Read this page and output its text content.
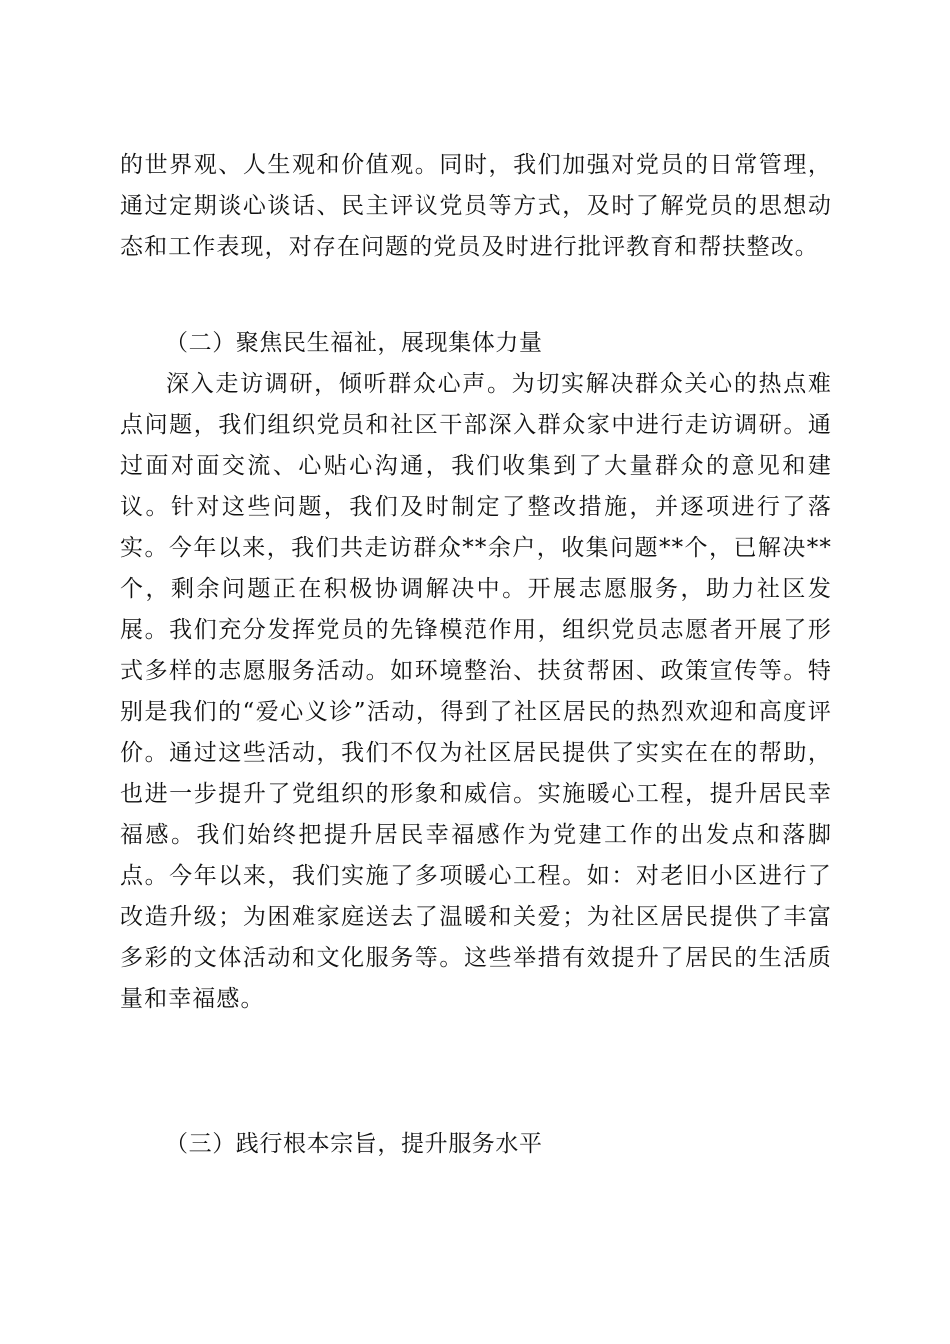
的世界观、人生观和价值观。同时，我们加强对党员的日常管理，通过定期谈心谈话、民主评议党员等方式，及时了解党员的思想动态和工作表现，对存在问题的党员及时进行批评教育和帮扶整改。
（二）聚焦民生福祉，展现集体力量
深入走访调研，倾听群众心声。为切实解决群众关心的热点难点问题，我们组织党员和社区干部深入群众家中进行走访调研。通过面对面交流、心贴心沟通，我们收集到了大量群众的意见和建议。针对这些问题，我们及时制定了整改措施，并逐项进行了落实。今年以来，我们共走访群众**余户，收集问题**个，已解决**个，剩余问题正在积极协调解决中。开展志愿服务，助力社区发展。我们充分发挥党员的先锋模范作用，组织党员志愿者开展了形式多样的志愿服务活动。如环境整治、扶贫帮困、政策宣传等。特别是我们的“爱心义诊”活动，得到了社区居民的热烈欢迎和高度评价。通过这些活动，我们不仅为社区居民提供了实实在在的帮助，也进一步提升了党组织的形象和威信。实施暖心工程，提升居民幸福感。我们始终把提升居民幸福感作为党建工作的出发点和落脚点。今年以来，我们实施了多项暖心工程。如：对老旧小区进行了改造升级；为困难家庭送去了温暖和关爱；为社区居民提供了丰富多彩的文体活动和文化服务等。这些举措有效提升了居民的生活质量和幸福感。
（三）践行根本宗旨，提升服务水平
